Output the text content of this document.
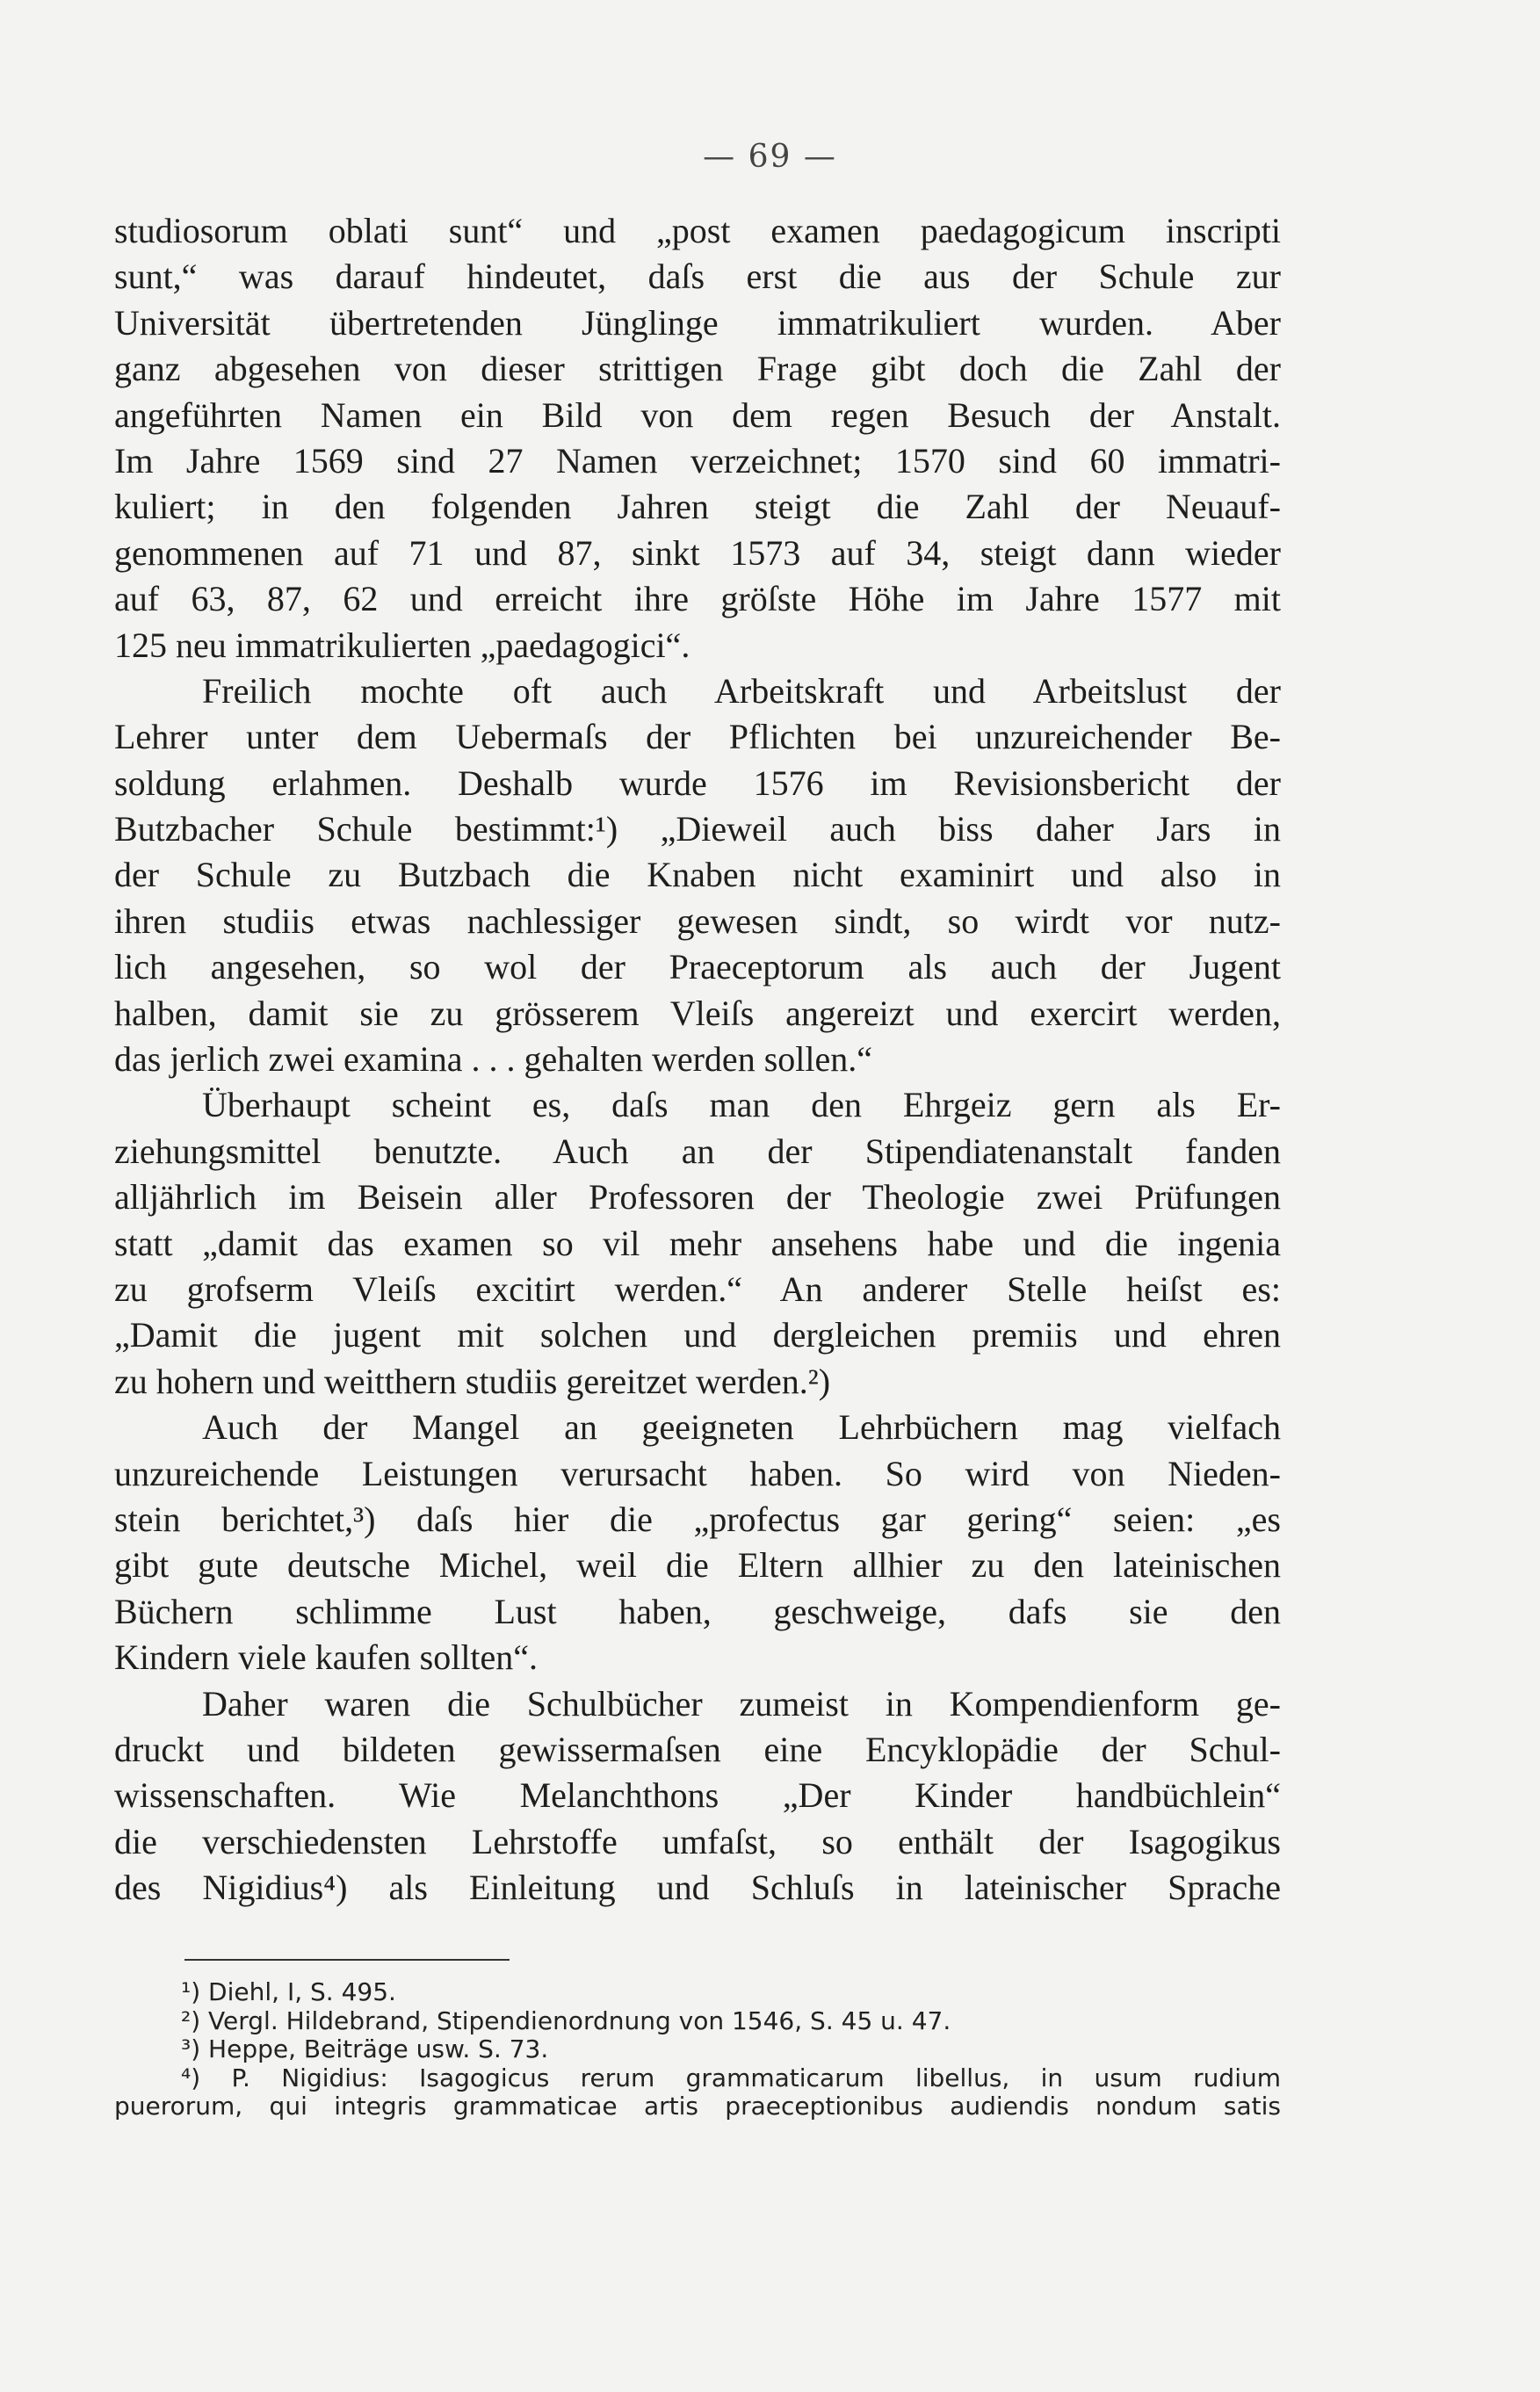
— 69 —
studiosorum oblati sunt“ und „post examen paedagogicum inscripti
sunt,“ was darauf hindeutet, daſs erst die aus der Schule zur
Universität übertretenden Jünglinge immatrikuliert wurden. Aber
ganz abgesehen von dieser strittigen Frage gibt doch die Zahl der
angeführten Namen ein Bild von dem regen Besuch der Anstalt.
Im Jahre 1569 sind 27 Namen verzeichnet; 1570 sind 60 immatri-
kuliert; in den folgenden Jahren steigt die Zahl der Neuauf-
genommenen auf 71 und 87, sinkt 1573 auf 34, steigt dann wieder
auf 63, 87, 62 und erreicht ihre gröſste Höhe im Jahre 1577 mit
125 neu immatrikulierten „paedagogici“.
Freilich mochte oft auch Arbeitskraft und Arbeitslust der
Lehrer unter dem Uebermaſs der Pflichten bei unzureichender Be-
soldung erlahmen. Deshalb wurde 1576 im Revisionsbericht der
Butzbacher Schule bestimmt:¹) „Dieweil auch biss daher Jars in
der Schule zu Butzbach die Knaben nicht examinirt und also in
ihren studiis etwas nachlessiger gewesen sindt, so wirdt vor nutz-
lich angesehen, so wol der Praeceptorum als auch der Jugent
halben, damit sie zu grösserem Vleiſs angereizt und exercirt werden,
das jerlich zwei examina . . . gehalten werden sollen.“
Überhaupt scheint es, daſs man den Ehrgeiz gern als Er-
ziehungsmittel benutzte. Auch an der Stipendiatenanstalt fanden
alljährlich im Beisein aller Professoren der Theologie zwei Prüfungen
statt „damit das examen so vil mehr ansehens habe und die ingenia
zu grofserm Vleiſs excitirt werden.“ An anderer Stelle heiſst es:
„Damit die jugent mit solchen und dergleichen premiis und ehren
zu hohern und weitthern studiis gereitzet werden.²)
Auch der Mangel an geeigneten Lehrbüchern mag vielfach
unzureichende Leistungen verursacht haben. So wird von Nieden-
stein berichtet,³) daſs hier die „profectus gar gering“ seien: „es
gibt gute deutsche Michel, weil die Eltern allhier zu den lateinischen
Büchern schlimme Lust haben, geschweige, dafs sie den
Kindern viele kaufen sollten“.
Daher waren die Schulbücher zumeist in Kompendienform ge-
druckt und bildeten gewissermaſsen eine Encyklopädie der Schul-
wissenschaften. Wie Melanchthons „Der Kinder handbüchlein“
die verschiedensten Lehrstoffe umfaſst, so enthält der Isagogikus
des Nigidius⁴) als Einleitung und Schluſs in lateinischer Sprache
¹) Diehl, I, S. 495.
²) Vergl. Hildebrand, Stipendienordnung von 1546, S. 45 u. 47.
³) Heppe, Beiträge usw. S. 73.
⁴) P. Nigidius: Isagogicus rerum grammaticarum libellus, in usum rudium
puerorum, qui integris grammaticae artis praeceptionibus audiendis nondum satis
